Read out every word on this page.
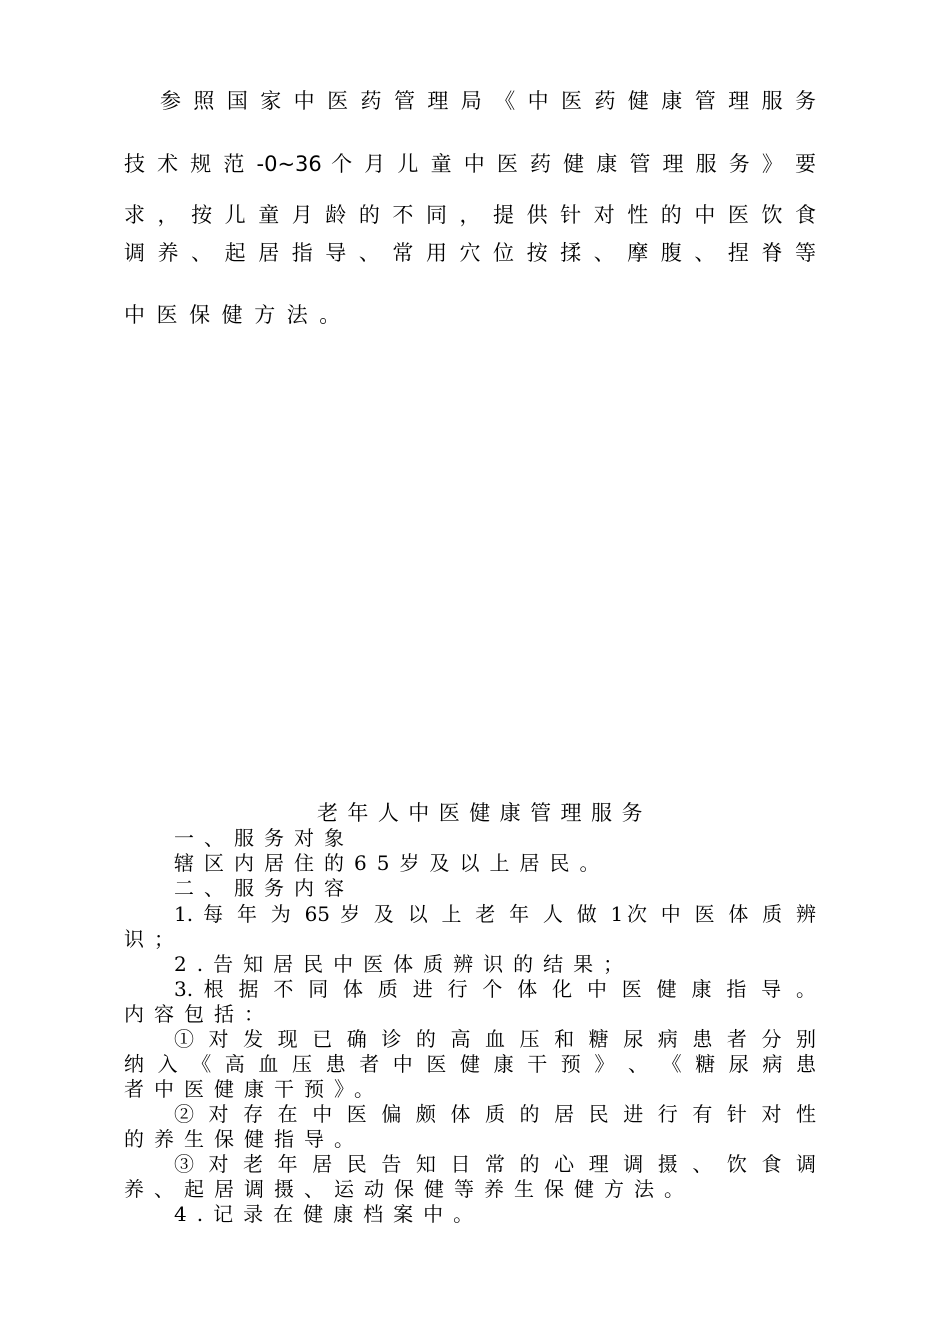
参 照 国 家 中 医 药 管 理 局 《 中 医 药 健 康 管 理 服 务
技 术 规 范 -0~36 个 月 儿 童 中 医 药 健 康 管 理 服 务 》 要
求 ， 按 儿 童 月 龄 的 不 同 ， 提 供 针 对 性 的 中 医 饮 食
调 养 、 起 居 指 导 、 常 用 穴 位 按 揉 、 摩 腹 、 捏 脊 等
中医保健方法。
老年人中医健康管理服务
一、服务对象
辖区内居住的65岁及以上居民。
二、服务内容
1. 每 年 为 65 岁 及 以 上 老 年 人 做 1次 中 医 体 质 辨
识；
2.告知居民中医体质辨识的结果；
3. 根 据 不 同 体 质 进 行 个 体 化 中 医 健 康 指 导 。
内容包括：
① 对 发 现 已 确 诊 的 高 血 压 和 糖 尿 病 患 者 分 别
纳 入 《 高 血 压 患 者 中 医 健 康 干 预 》 、 《 糖 尿 病 患
者中医健康干预》。
② 对 存 在 中 医 偏 颇 体 质 的 居 民 进 行 有 针 对 性
的养生保健指导。
③ 对 老 年 居 民 告 知 日 常 的 心 理 调 摄 、 饮 食 调
养、起居调摄、运动保健等养生保健方法。
4.记录在健康档案中。
